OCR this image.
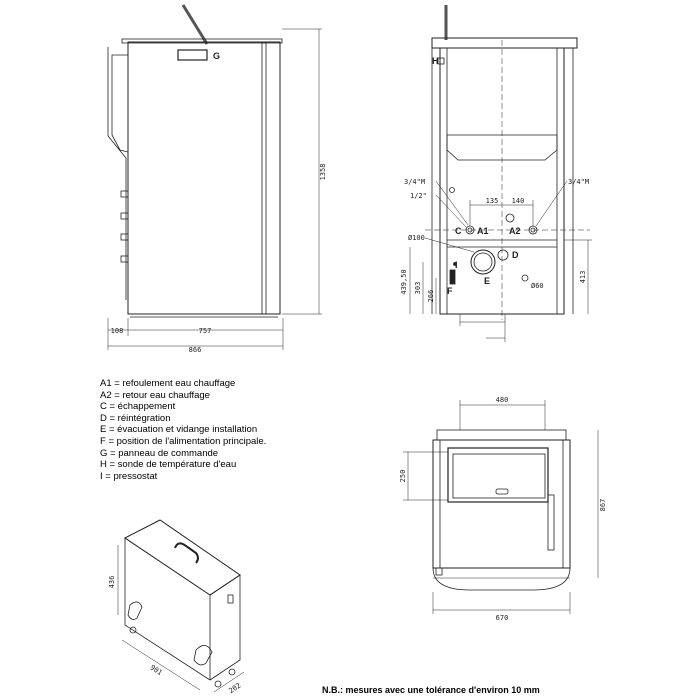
G
1358
108	757
866
H
3/4"M
1/2"
3/4"M
135 140
C A1 A2
Ø100
I
D
F
E	Ø60
439,50 303
266
413
480
250
867
670
436
901
202
A1 = refoulement eau chauffage
A2 = retour eau chauffage
C = échappement
D = réintégration
E = évacuation et vidange installation
F = position de l'alimentation principale.
G = panneau de commande
H = sonde de température d'eau
I = pressostat
N.B.: mesures avec une tolérance d'environ 10 mm
